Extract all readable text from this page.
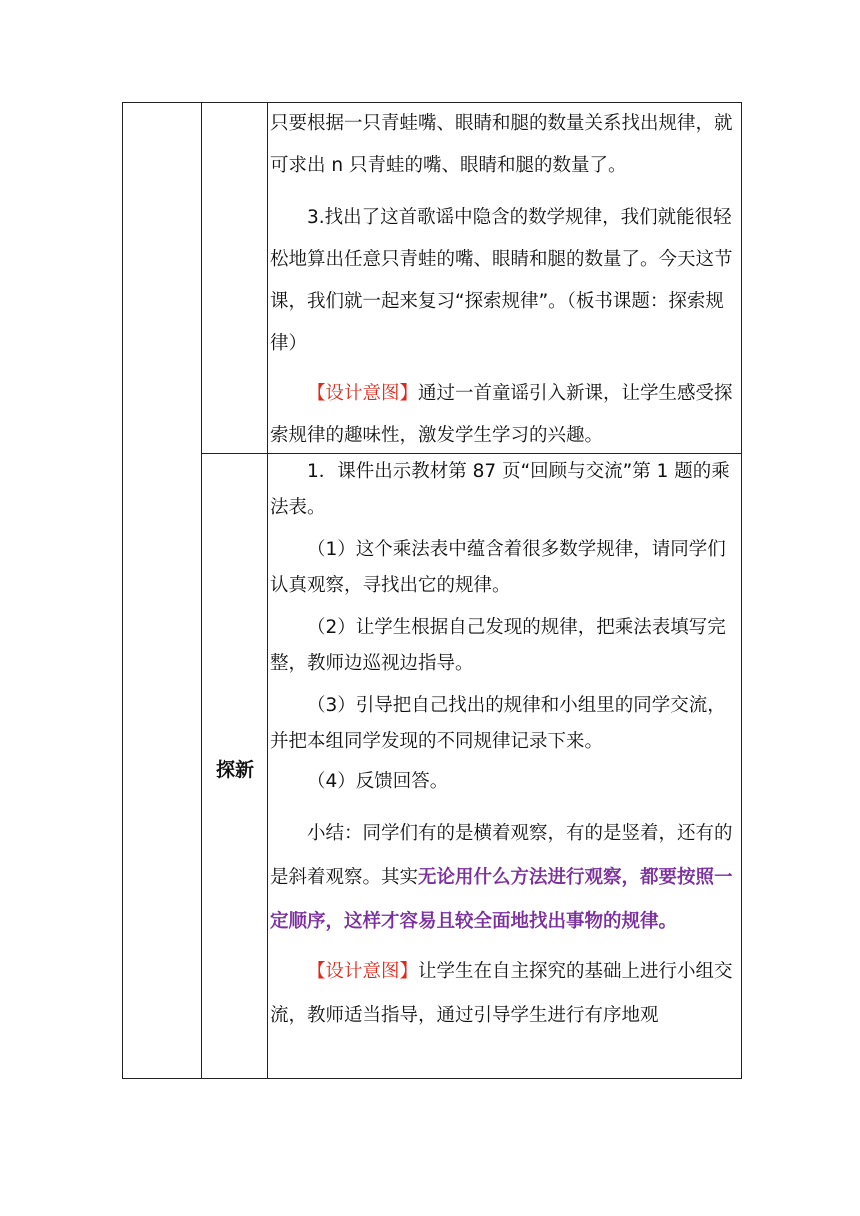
只要根据一只青蛙嘴、眼睛和腿的数量关系找出规律，就可求出 n 只青蛙的嘴、眼睛和腿的数量了。

3.找出了这首歌谣中隐含的数学规律，我们就能很轻松地算出任意只青蛙的嘴、眼睛和腿的数量了。今天这节课，我们就一起来复习“探索规律”。（板书课题：探索规律）

【设计意图】通过一首童谣引入新课，让学生感受探索规律的趣味性，激发学生学习的兴趣。

探新

1．课件出示教材第 87 页“回顾与交流”第 1 题的乘法表。

（1）这个乘法表中蕴含着很多数学规律，请同学们认真观察，寻找出它的规律。

（2）让学生根据自己发现的规律，把乘法表填写完整，教师边巡视边指导。

（3）引导把自己找出的规律和小组里的同学交流，并把本组同学发现的不同规律记录下来。

（4）反馈回答。

小结：同学们有的是横着观察，有的是竖着，还有的是斜着观察。其实无论用什么方法进行观察，都要按照一定顺序，这样才容易且较全面地找出事物的规律。

【设计意图】让学生在自主探究的基础上进行小组交流，教师适当指导，通过引导学生进行有序地观
